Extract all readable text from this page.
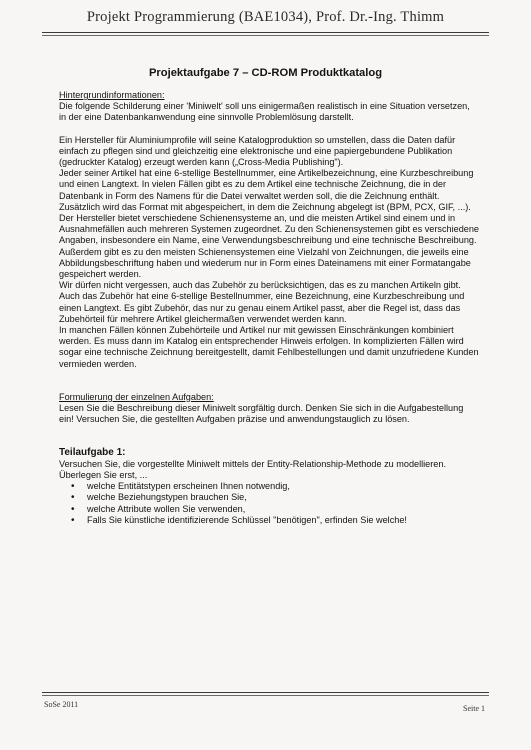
Projekt Programmierung (BAE1034), Prof. Dr.-Ing. Thimm
Projektaufgabe 7 – CD-ROM Produktkatalog

Hintergrundinformationen:

Die folgende Schilderung einer 'Miniwelt' soll uns einigermaßen realistisch in eine Situation versetzen, in der eine Datenbankanwendung eine sinnvolle Problemlösung darstellt.

Ein Hersteller für Aluminiumprofile will seine Katalogproduktion so umstellen, dass die Daten dafür einfach zu pflegen sind und gleichzeitig eine elektronische und eine papiergebundene Publikation (gedruckter Katalog) erzeugt werden kann („Cross-Media Publishing").

Jeder seiner Artikel hat eine 6-stellige Bestellnummer, eine Artikelbezeichnung, eine Kurzbeschreibung und einen Langtext. In vielen Fällen gibt es zu dem Artikel eine technische Zeichnung, die in der Datenbank in Form des Namens für die Datei verwaltet werden soll, die die Zeichnung enthält. Zusätzlich wird das Format mit abgespeichert, in dem die Zeichnung abgelegt ist (BPM, PCX, GIF, ...).

Der Hersteller bietet verschiedene Schienensysteme an, und die meisten Artikel sind einem und in Ausnahmefällen auch mehreren Systemen zugeordnet. Zu den Schienensystemen gibt es verschiedene Angaben, insbesondere ein Name, eine Verwendungsbeschreibung und eine technische Beschreibung. Außerdem gibt es zu den meisten Schienensystemen eine Vielzahl von Zeichnungen, die jeweils eine Abbildungsbeschriftung haben und wiederum nur in Form eines Dateinamens mit einer Formatangabe gespeichert werden.

Wir dürfen nicht vergessen, auch das Zubehör zu berücksichtigen, das es zu manchen Artikeln gibt. Auch das Zubehör hat eine 6-stellige Bestellnummer, eine Bezeichnung, eine Kurzbeschreibung und einen Langtext. Es gibt Zubehör, das nur zu genau einem Artikel passt, aber die Regel ist, dass das Zubehörteil für mehrere Artikel gleichermaßen verwendet werden kann.

In manchen Fällen können Zubehörteile und Artikel nur mit gewissen Einschränkungen kombiniert werden. Es muss dann im Katalog ein entsprechender Hinweis erfolgen. In komplizierten Fällen wird sogar eine technische Zeichnung bereitgestellt, damit Fehlbestellungen und damit unzufriedene Kunden vermieden werden.

Formulierung der einzelnen Aufgaben:

Lesen Sie die Beschreibung dieser Miniwelt sorgfältig durch. Denken Sie sich in die Aufgabestellung ein! Versuchen Sie, die gestellten Aufgaben präzise und anwendungstauglich zu lösen.

Teilaufgabe 1:

Versuchen Sie, die vorgestellte Miniwelt mittels der Entity-Relationship-Methode zu modellieren. Überlegen Sie erst, ...

• welche Entitätstypen erscheinen Ihnen notwendig,
• welche Beziehungstypen brauchen Sie,
• welche Attribute wollen Sie verwenden,
• Falls Sie künstliche identifizierende Schlüssel "benötigen", erfinden Sie welche!
SoSe 2011	Seite 1
